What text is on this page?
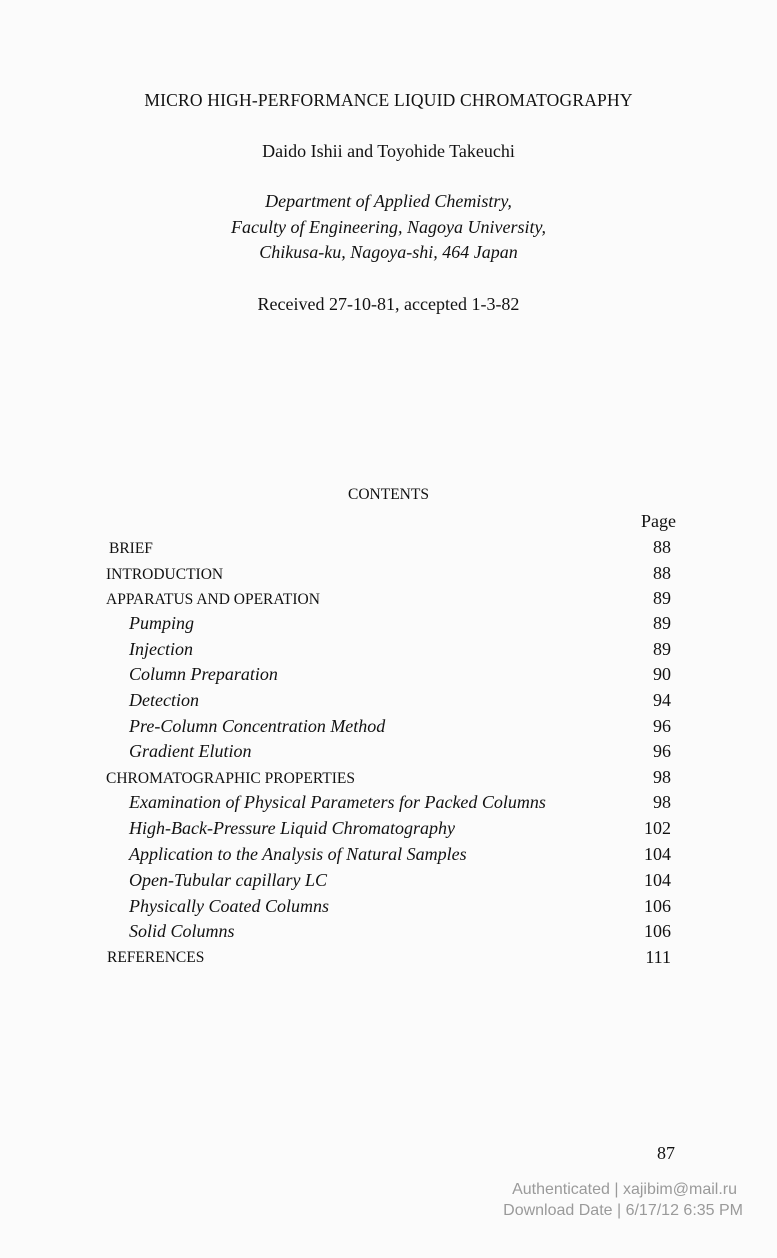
MICRO HIGH-PERFORMANCE LIQUID CHROMATOGRAPHY
Daido Ishii and Toyohide Takeuchi
Department of Applied Chemistry,
Faculty of Engineering, Nagoya University,
Chikusa-ku, Nagoya-shi, 464 Japan
Received 27-10-81, accepted 1-3-82
CONTENTS
Page
BRIEF	88
INTRODUCTION	88
APPARATUS AND OPERATION	89
Pumping	89
Injection	89
Column Preparation	90
Detection	94
Pre-Column Concentration Method	96
Gradient Elution	96
CHROMATOGRAPHIC PROPERTIES	98
Examination of Physical Parameters for Packed Columns	98
High-Back-Pressure Liquid Chromatography	102
Application to the Analysis of Natural Samples	104
Open-Tubular capillary LC	104
Physically Coated Columns	106
Solid Columns	106
REFERENCES	111
87
Authenticated | xajibim@mail.ru
Download Date | 6/17/12 6:35 PM
